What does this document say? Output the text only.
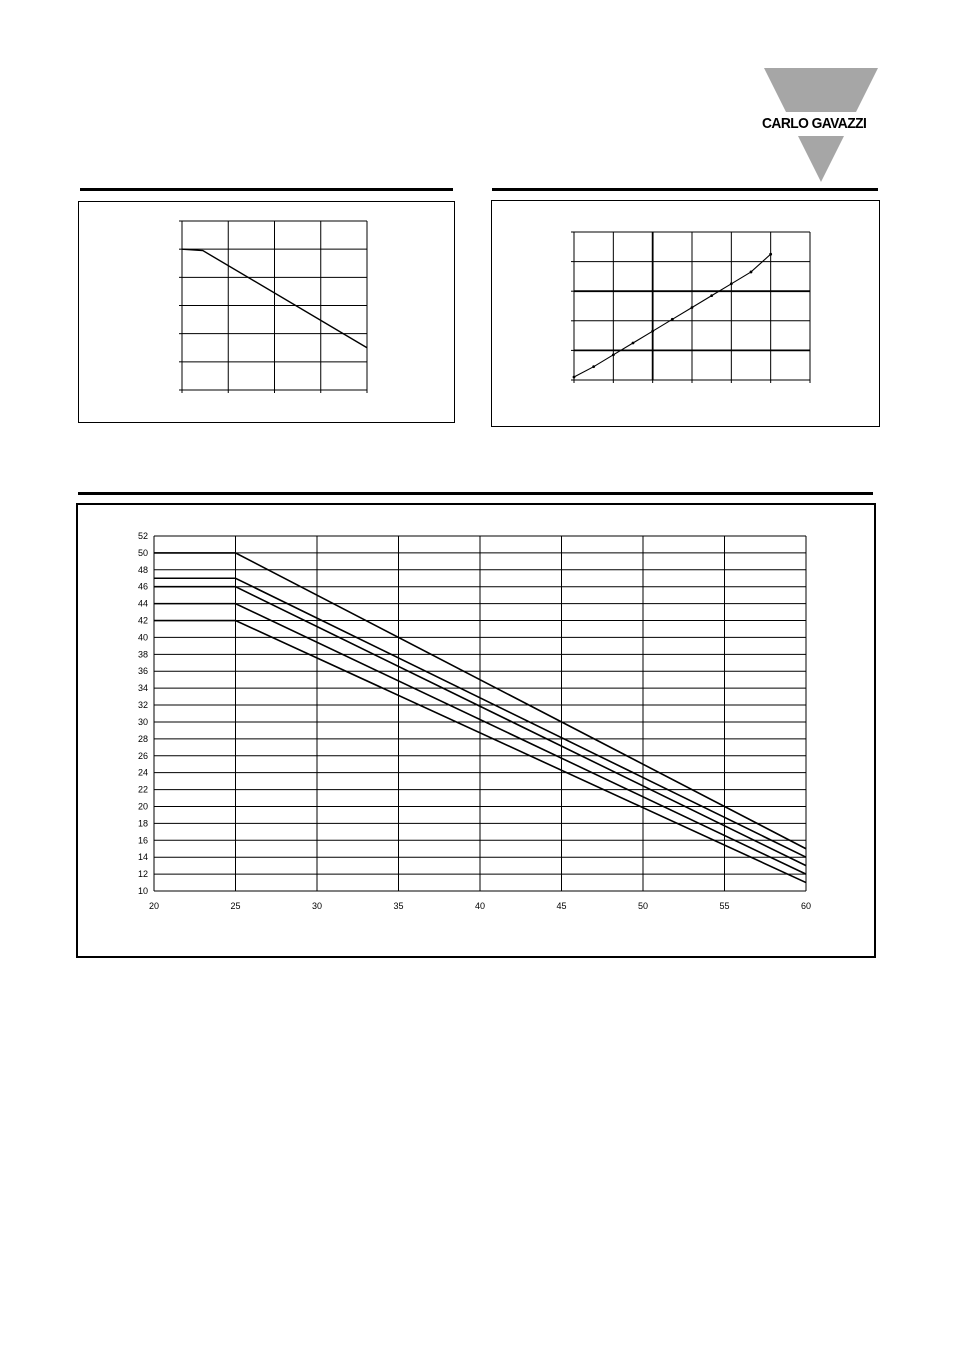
CARLO GAVAZZI
20	25	30	35	40	45	50	55	60
10
12
14
16
18
20
22
24
26
28
30
32
34
36
38
40
42
44
46
48
50
52
